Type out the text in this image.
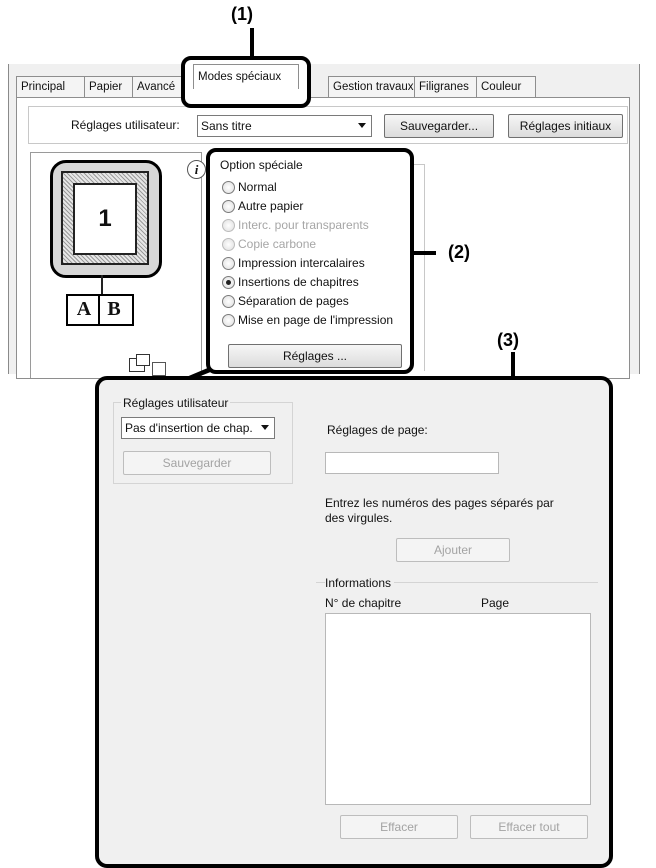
(1)
Principal	Papier	Avancé	Gestion travaux Filigranes	Couleur
Modes spéciaux
Réglages utilisateur:	Sans titre	Sauvegarder...	Réglages initiaux
1
A B
i	Option spéciale
Normal
Autre papier
Interc. pour transparents
Copie carbone
Impression intercalaires
Insertions de chapitres
Séparation de pages
Mise en page de l'impression
Réglages ...
(2)
(3)
Réglages utilisateur
Pas d'insertion de chap.
Sauvegarder
Réglages de page:
Entrez les numéros des pages séparés par
des virgules.
Ajouter
Informations
N° de chapitre	Page
Effacer	Effacer tout
